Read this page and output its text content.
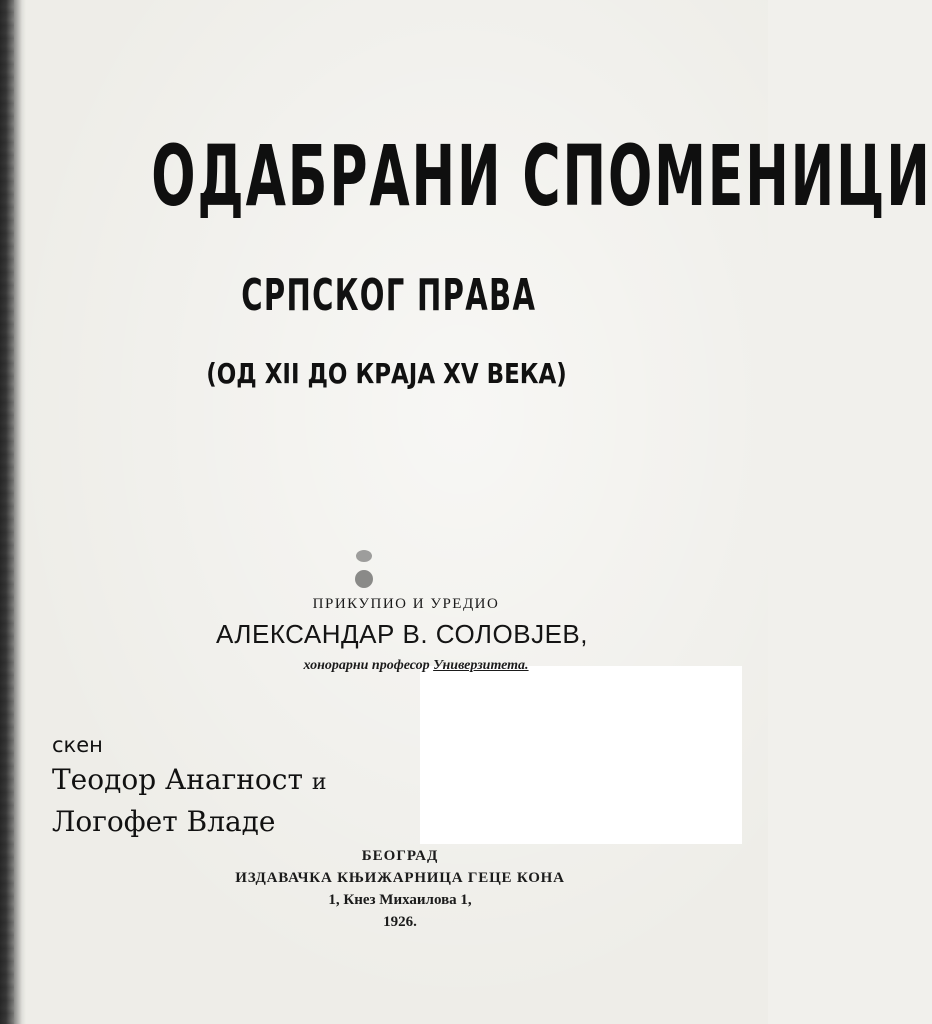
ОДАБРАНИ СПОМЕНИЦИ
СРПСКОГ ПРАВА
(ОД XII ДО КРАЈА XV ВЕКА)
ПРИКУПИО И УРЕДИО
АЛЕКСАНДАР В. СОЛОВЈЕВ,
хонорарни професор Универзитета.
скен
Теодор Анагност и
Логофет Владе
БЕОГРАД
ИЗДАВАЧКА КЊИЖАРНИЦА ГЕЦЕ КОНА
1, Кнез Михаилова 1,
1926.
